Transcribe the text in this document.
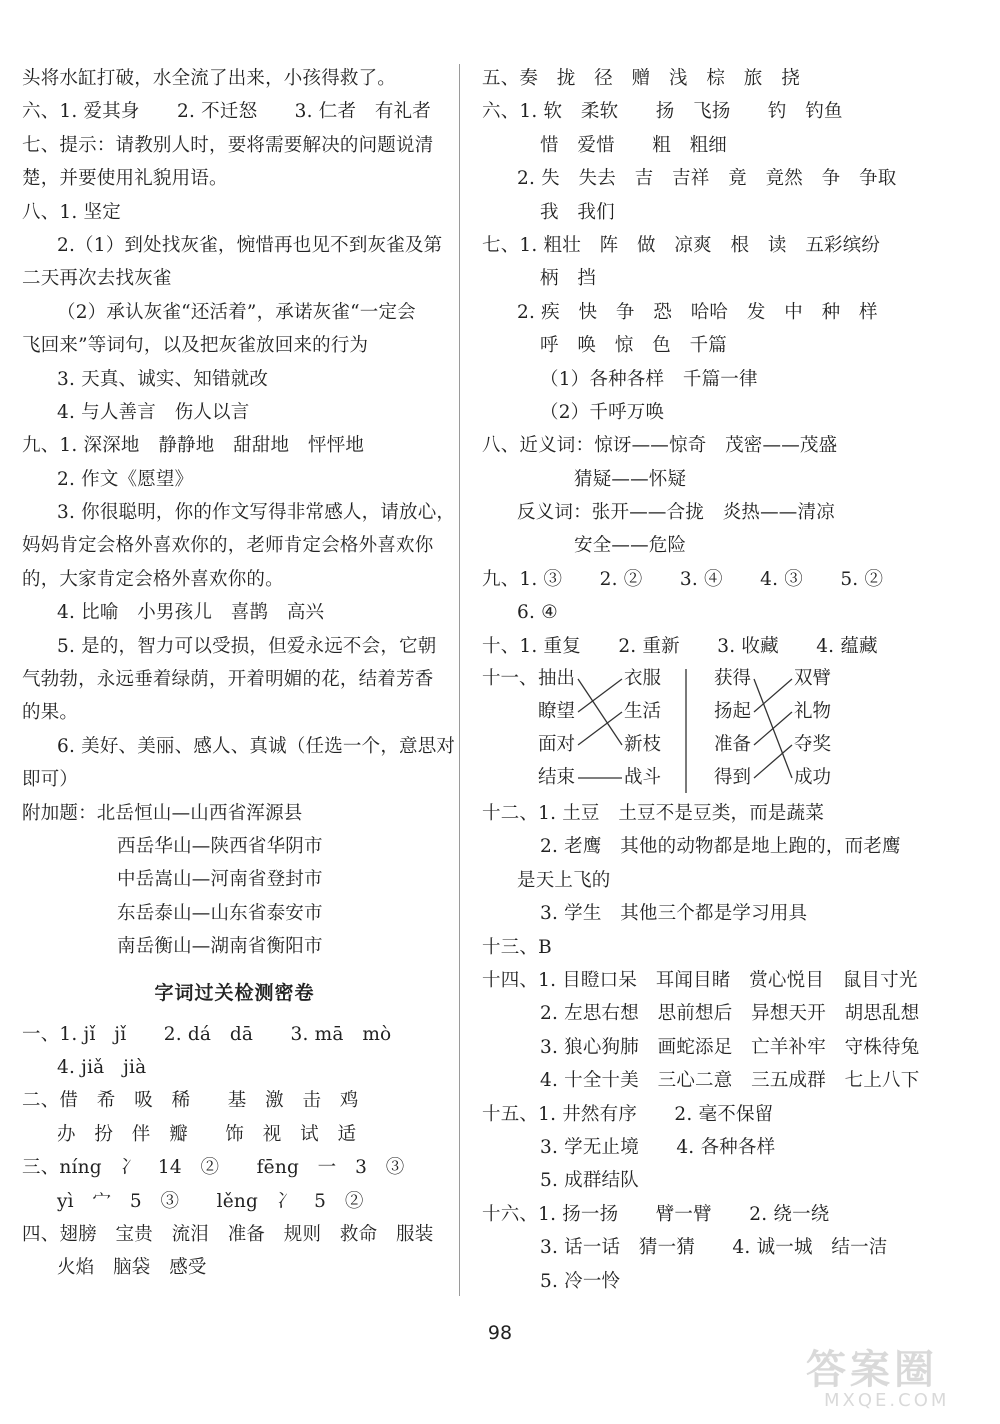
头将水缸打破，水全流了出来，小孩得救了。
六、1. 爱其身　　2. 不迁怒　　3. 仁者　有礼者
七、提示：请教别人时，要将需要解决的问题说清
楚，并要使用礼貌用语。
八、1. 坚定
2.（1）到处找灰雀，惋惜再也见不到灰雀及第
二天再次去找灰雀
（2）承认灰雀“还活着”，承诺灰雀“一定会
飞回来”等词句，以及把灰雀放回来的行为
3. 天真、诚实、知错就改
4. 与人善言　伤人以言
九、1. 深深地　静静地　甜甜地　怦怦地
2. 作文《愿望》
3. 你很聪明，你的作文写得非常感人，请放心，
妈妈肯定会格外喜欢你的，老师肯定会格外喜欢你
的，大家肯定会格外喜欢你的。
4. 比喻　小男孩儿　喜鹊　高兴
5. 是的，智力可以受损，但爱永远不会，它朝
气勃勃，永远垂着绿荫，开着明媚的花，结着芳香
的果。
6. 美好、美丽、感人、真诚（任选一个，意思对
即可）
附加题：北岳恒山—山西省浑源县
西岳华山—陕西省华阴市
中岳嵩山—河南省登封市
东岳泰山—山东省泰安市
南岳衡山—湖南省衡阳市
字词过关检测密卷
一、1. jǐ　jǐ　　2. dá　dā　　3. mā　mò
4. jiǎ　jià
二、借　希　吸　稀　　基　激　击　鸡
办　扮　伴　瓣　　饰　视　试　适
三、níng　冫　14　②　　fēng　一　3　③
yì　宀　5　③　　lěng　冫　5　②
四、翅膀　宝贵　流泪　准备　规则　救命　服装
火焰　脑袋　感受
五、奏　拢　径　赠　浅　棕　旅　挠
六、1. 软　柔软　　扬　飞扬　　钓　钓鱼
惜　爱惜　　粗　粗细
2. 失　失去　吉　吉祥　竟　竟然　争　争取
我　我们
七、1. 粗壮　阵　做　凉爽　根　读　五彩缤纷
柄　挡
2. 疾　快　争　恐　哈哈　发　中　种　样
呼　唤　惊　色　千篇
（1）各种各样　千篇一律
（2）千呼万唤
八、近义词：惊讶——惊奇　茂密——茂盛
猜疑——怀疑
反义词：张开——合拢　炎热——清凉
安全——危险
九、1. ③　　2. ②　　3. ④　　4. ③　　5. ②
6. ④
十、1. 重复　　2. 重新　　3. 收藏　　4. 蕴藏
十一、 抽出
瞭望
面对
结束
衣服
生活
新枝
战斗
获得
扬起
准备
得到
双臂
礼物
夺奖
成功
十二、1. 土豆　土豆不是豆类，而是蔬菜
2. 老鹰　其他的动物都是地上跑的，而老鹰
是天上飞的
3. 学生　其他三个都是学习用具
十三、B
十四、1. 目瞪口呆　耳闻目睹　赏心悦目　鼠目寸光
2. 左思右想　思前想后　异想天开　胡思乱想
3. 狼心狗肺　画蛇添足　亡羊补牢　守株待兔
4. 十全十美　三心二意　三五成群　七上八下
十五、1. 井然有序　　2. 毫不保留
3. 学无止境　　4. 各种各样
5. 成群结队
十六、1. 扬一扬　　臂一臂　　2. 绕一绕
3. 话一话　猜一猜　　4. 诚一城　结一洁
5. 冷一怜
98
答案圈
MXQE.COM
